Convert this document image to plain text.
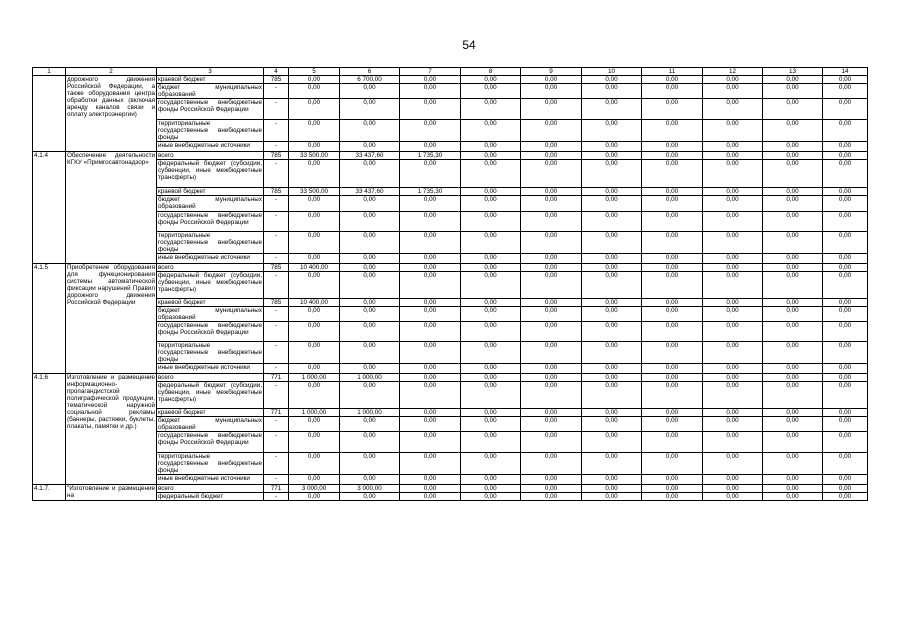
54
1	2	3	4	5	6	7	8	9	10	11	12	13	14	
	дорожного движения Российской Федерации, а также оборудования центра обработки данных (включая аренду каналов связи и оплату электроэнергии)	краевой бюджет	785	0,00	6 700,00	0,00	0,00	0,00	0,00	0,00	0,00	0,00	0,00	
		бюджет муниципальных образований	-	0,00	0,00	0,00	0,00	0,00	0,00	0,00	0,00	0,00	0,00	
		государственные внебюджетные фонды Российской Федерации	-	0,00	0,00	0,00	0,00	0,00	0,00	0,00	0,00	0,00	0,00	
		территориальные государственные внебюджетные фонды	-	0,00	0,00	0,00	0,00	0,00	0,00	0,00	0,00	0,00	0,00	
		иные внебюджетные источники	-	0,00	0,00	0,00	0,00	0,00	0,00	0,00	0,00	0,00	0,00	
4.1.4	Обеспечение деятельности КГКУ «Примгосавтонадзор»	всего	785	33 500,00	33 437,60	1 735,30	0,00	0,00	0,00	0,00	0,00	0,00	0,00	
		федеральный бюджет (субсидии, субвенции, иные межбюджетные трансферты)	-	0,00	0,00	0,00	0,00	0,00	0,00	0,00	0,00	0,00	0,00	
		краевой бюджет	785	33 500,00	33 437,60	1 735,30	0,00	0,00	0,00	0,00	0,00	0,00	0,00	
		бюджет муниципальных образований	-	0,00	0,00	0,00	0,00	0,00	0,00	0,00	0,00	0,00	0,00	
		государственные внебюджетные фонды Российской Федерации	-	0,00	0,00	0,00	0,00	0,00	0,00	0,00	0,00	0,00	0,00	
		территориальные государственные внебюджетные фонды	-	0,00	0,00	0,00	0,00	0,00	0,00	0,00	0,00	0,00	0,00	
		иные внебюджетные источники	-	0,00	0,00	0,00	0,00	0,00	0,00	0,00	0,00	0,00	0,00	
4.1.5	Приобретение оборудования для функционирования системы автоматической фиксации нарушений Правил дорожного движения Российской Федерации	всего	785	10 400,00	0,00	0,00	0,00	0,00	0,00	0,00	0,00	0,00	0,00	
		федеральный бюджет (субсидии, субвенции, иные межбюджетные трансферты)	-	0,00	0,00	0,00	0,00	0,00	0,00	0,00	0,00	0,00	0,00	
		краевой бюджет	785	10 400,00	0,00	0,00	0,00	0,00	0,00	0,00	0,00	0,00	0,00	
		бюджет муниципальных образований	-	0,00	0,00	0,00	0,00	0,00	0,00	0,00	0,00	0,00	0,00	
		государственные внебюджетные фонды Российской Федерации	-	0,00	0,00	0,00	0,00	0,00	0,00	0,00	0,00	0,00	0,00	
		территориальные государственные внебюджетные фонды	-	0,00	0,00	0,00	0,00	0,00	0,00	0,00	0,00	0,00	0,00	
		иные внебюджетные источники	-	0,00	0,00	0,00	0,00	0,00	0,00	0,00	0,00	0,00	0,00	
4.1.6	Изготовление и размещение информационно-пропагандистской полиграфической продукции, тематической наружной социальной рекламы (баннеры, растяжки, буклеты, плакаты, памятки и др.)	всего	771	1 000,00	1 000,00	0,00	0,00	0,00	0,00	0,00	0,00	0,00	0,00	
		федеральный бюджет (субсидии, субвенции, иные межбюджетные трансферты)	-	0,00	0,00	0,00	0,00	0,00	0,00	0,00	0,00	0,00	0,00	
		краевой бюджет	771	1 000,00	1 000,00	0,00	0,00	0,00	0,00	0,00	0,00	0,00	0,00	
		бюджет муниципальных образований	-	0,00	0,00	0,00	0,00	0,00	0,00	0,00	0,00	0,00	0,00	
		государственные внебюджетные фонды Российской Федерации	-	0,00	0,00	0,00	0,00	0,00	0,00	0,00	0,00	0,00	0,00	
		территориальные государственные внебюджетные фонды	-	0,00	0,00	0,00	0,00	0,00	0,00	0,00	0,00	0,00	0,00	
		иные внебюджетные источники	-	0,00	0,00	0,00	0,00	0,00	0,00	0,00	0,00	0,00	0,00	
4.1.7.	"Изготовление и размещение на	всего	771	3 000,00	3 000,00	0,00	0,00	0,00	0,00	0,00	0,00	0,00	0,00	
		федеральный бюджет	-	0,00	0,00	0,00	0,00	0,00	0,00	0,00	0,00	0,00	0,00	
